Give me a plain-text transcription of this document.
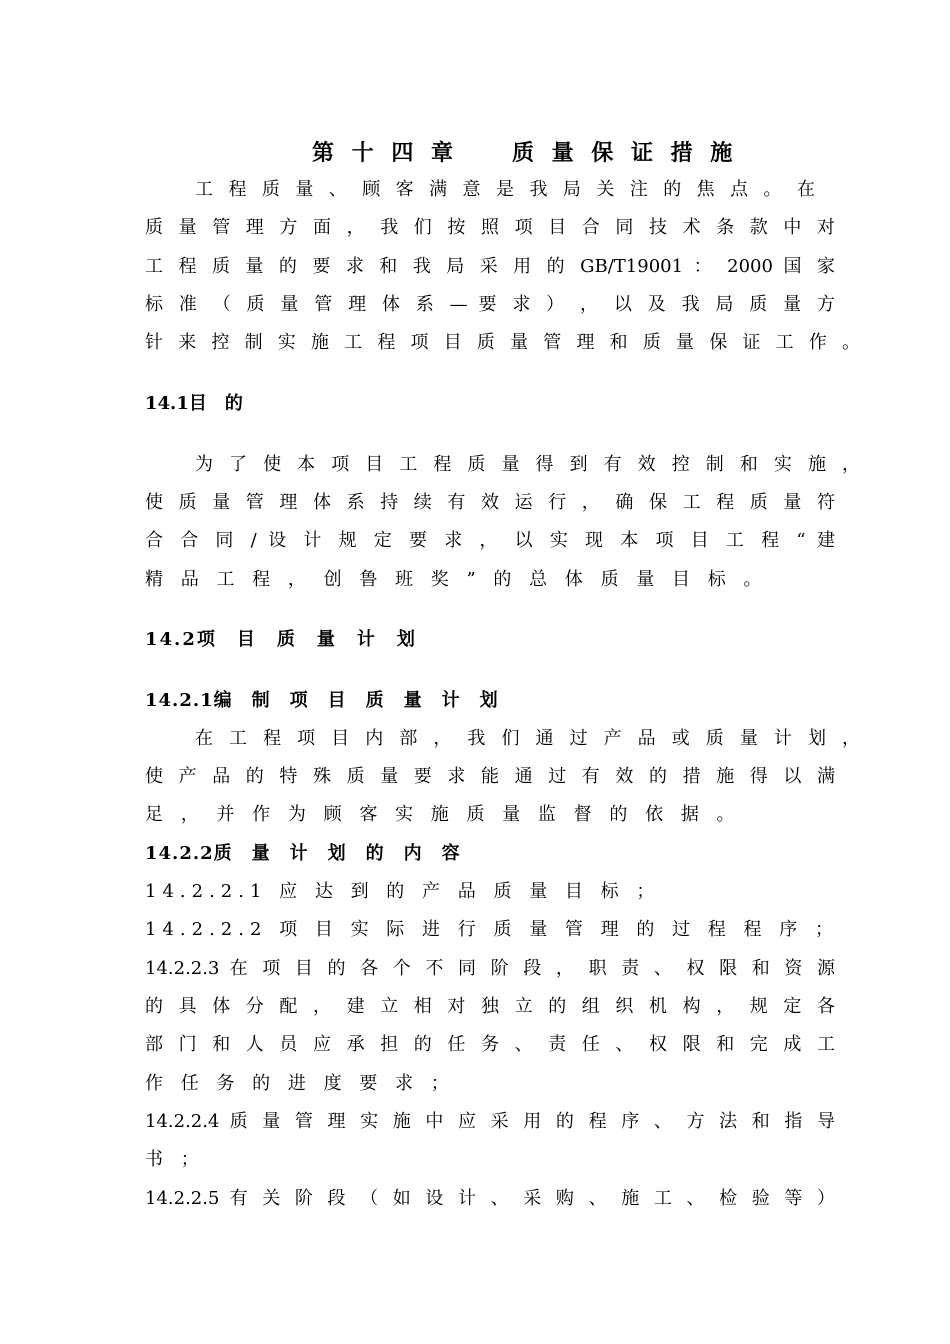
第 十 四 章　　质 量 保 证 措 施
工 程 质 量 、 顾 客 满 意 是 我 局 关 注 的 焦 点 。 在
质 量 管 理 方 面 ， 我 们 按 照 项 目 合 同 技 术 条 款 中 对
工 程 质 量 的 要 求 和 我 局 采 用 的 GB/T19001 ： 2000 国 家
标 准 （ 质 量 管 理 体 系 — 要 求 ） ， 以 及 我 局 质 量 方
针 来 控 制 实 施 工 程 项 目 质 量 管 理 和 质 量 保 证 工 作 。
14.1目　的
为 了 使 本 项 目 工 程 质 量 得 到 有 效 控 制 和 实 施 ，
使 质 量 管 理 体 系 持 续 有 效 运 行 ， 确 保 工 程 质 量 符
合 合 同 / 设 计 规 定 要 求 ， 以 实 现 本 项 目 工 程 “ 建
精 品 工 程 ， 创 鲁 班 奖 ” 的 总 体 质 量 目 标 。
14.2项　目　质　量　计　划
14.2.1编　制　项　目　质　量　计　划
在 工 程 项 目 内 部 ， 我 们 通 过 产 品 或 质 量 计 划 ，
使 产 品 的 特 殊 质 量 要 求 能 通 过 有 效 的 措 施 得 以 满
足 ， 并 作 为 顾 客 实 施 质 量 监 督 的 依 据 。
14.2.2质　量　计　划　的　内　容
14.2.2.1 应 达 到 的 产 品 质 量 目 标 ；
14.2.2.2 项 目 实 际 进 行 质 量 管 理 的 过 程 程 序 ；
14.2.2.3 在 项 目 的 各 个 不 同 阶 段 ， 职 责 、 权 限 和 资 源
的 具 体 分 配 ， 建 立 相 对 独 立 的 组 织 机 构 ， 规 定 各
部 门 和 人 员 应 承 担 的 任 务 、 责 任 、 权 限 和 完 成 工
作 任 务 的 进 度 要 求 ；
14.2.2.4 质 量 管 理 实 施 中 应 采 用 的 程 序 、 方 法 和 指 导
书 ；
14.2.2.5 有 关 阶 段 （ 如 设 计 、 采 购 、 施 工 、 检 验 等 ）
